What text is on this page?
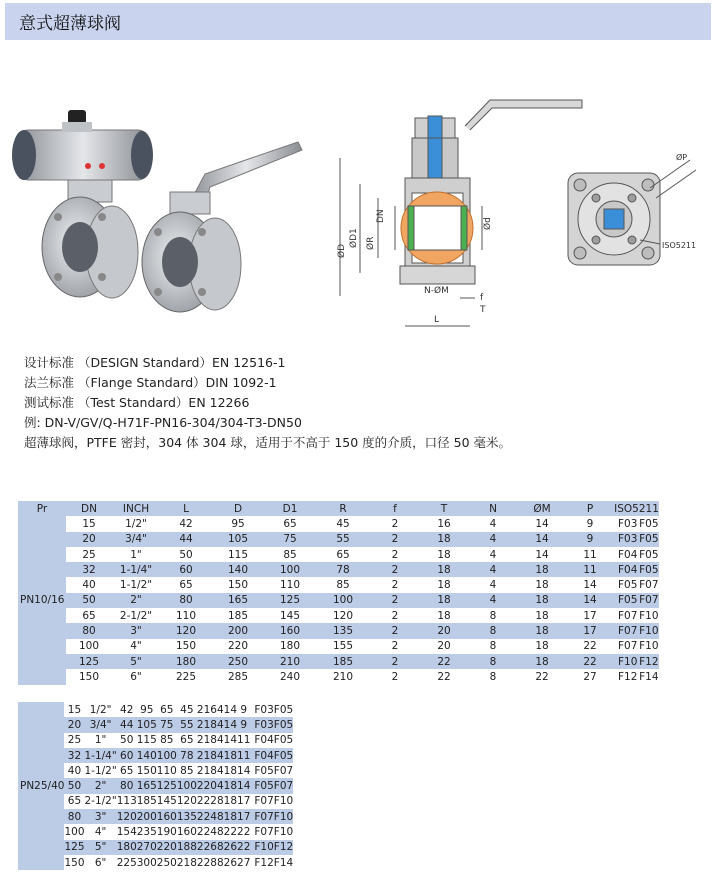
意式超薄球阀
DN
ØD
ØD1 ØR
Ød
N-ØM
f
T
L
ØP
ISO5211
设计标准 （DESIGN Standard）EN 12516-1
法兰标准 （Flange Standard）DIN 1092-1
测试标准 （Test Standard）EN 12266
例: DN-V/GV/Q-H71F-PN16-304/304-T3-DN50
超薄球阀，PTFE 密封，304 体 304 球，适用于不高于 150 度的介质，口径 50 毫米。
Pr	DN	INCH	L	D	D1	R	f	T	N	ØM	P	ISO5211	
PN10/16	15	1/2"	42	95	65	45	2	16	4	14	9	F03	F05
	20	3/4"	44	105	75	55	2	18	4	14	9	F03	F05
	25	1"	50	115	85	65	2	18	4	14	11	F04	F05
	32	1-1/4"	60	140	100	78	2	18	4	18	11	F04	F05
	40	1-1/2"	65	150	110	85	2	18	4	18	14	F05	F07
	50	2"	80	165	125	100	2	18	4	18	14	F05	F07
	65	2-1/2"	110	185	145	120	2	18	8	18	17	F07	F10
	80	3"	120	200	160	135	2	20	8	18	17	F07	F10
	100	4"	150	220	180	155	2	20	8	18	22	F07	F10
	125	5"	180	250	210	185	2	22	8	18	22	F10	F12
	150	6"	225	285	240	210	2	22	8	22	27	F12	F14
PN25/40	15	1/2"	42	95	65	45	2	16	4	14	9	F03	F05
	20	3/4"	44	105	75	55	2	18	4	14	9	F03	F05
	25	1"	50	115	85	65	2	18	4	14	11	F04	F05
	32	1-1/4"	60	140	100	78	2	18	4	18	11	F04	F05
	40	1-1/2"	65	150	110	85	2	18	4	18	14	F05	F07
	50	2"	80	165	125	100	2	20	4	18	14	F05	F07
	65	2-1/2"	113	185	145	120	2	22	8	18	17	F07	F10
	80	3"	120	200	160	135	2	24	8	18	17	F07	F10
	100	4"	154	235	190	160	2	24	8	22	22	F07	F10
	125	5"	180	270	220	188	2	26	8	26	22	F10	F12
	150	6"	225	300	250	218	2	28	8	26	27	F12	F14
